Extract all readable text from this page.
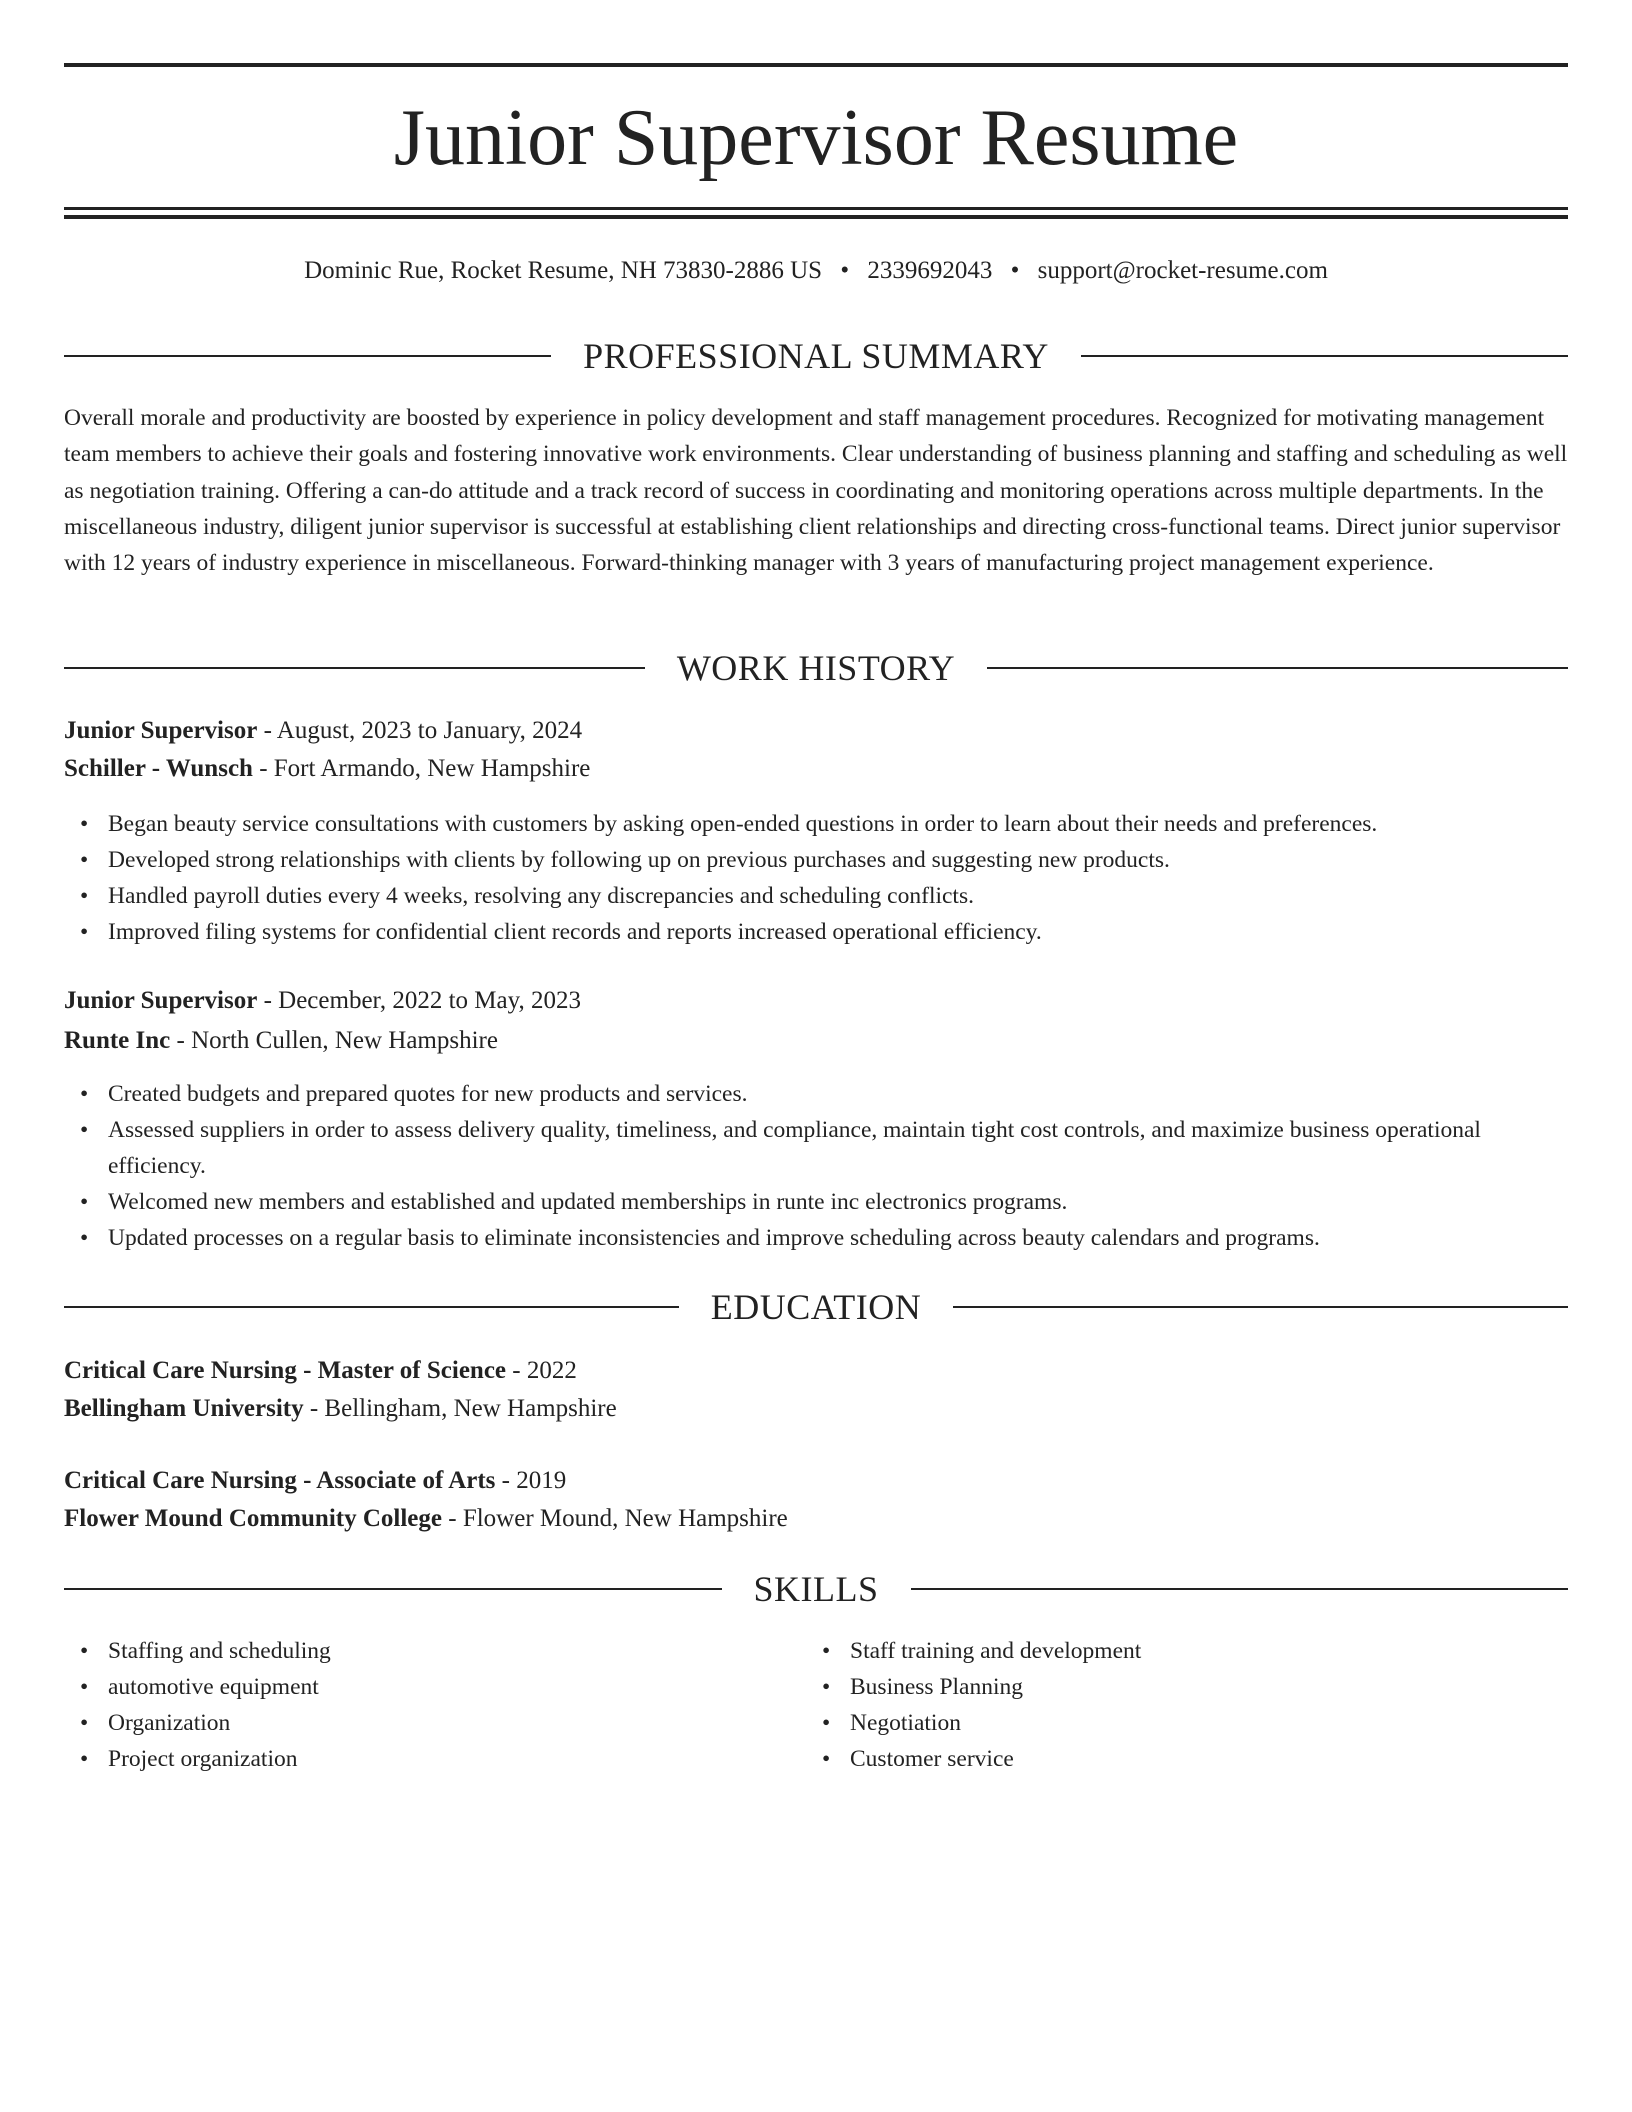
Junior Supervisor Resume
Dominic Rue, Rocket Resume, NH 73830-2886 US • 2339692043 • support@rocket-resume.com
PROFESSIONAL SUMMARY

Overall morale and productivity are boosted by experience in policy development and staff management procedures. Recognized for motivating management team members to achieve their goals and fostering innovative work environments. Clear understanding of business planning and staffing and scheduling as well as negotiation training. Offering a can-do attitude and a track record of success in coordinating and monitoring operations across multiple departments. In the miscellaneous industry, diligent junior supervisor is successful at establishing client relationships and directing cross-functional teams. Direct junior supervisor with 12 years of industry experience in miscellaneous. Forward-thinking manager with 3 years of manufacturing project management experience.

WORK HISTORY
Junior Supervisor - August, 2023 to January, 2024
Schiller - Wunsch - Fort Armando, New Hampshire
• Began beauty service consultations with customers by asking open-ended questions in order to learn about their needs and preferences.
• Developed strong relationships with clients by following up on previous purchases and suggesting new products.
• Handled payroll duties every 4 weeks, resolving any discrepancies and scheduling conflicts.
• Improved filing systems for confidential client records and reports increased operational efficiency.
Junior Supervisor - December, 2022 to May, 2023
Runte Inc - North Cullen, New Hampshire
• Created budgets and prepared quotes for new products and services.
• Assessed suppliers in order to assess delivery quality, timeliness, and compliance, maintain tight cost controls, and maximize business operational efficiency.
• Welcomed new members and established and updated memberships in runte inc electronics programs.
• Updated processes on a regular basis to eliminate inconsistencies and improve scheduling across beauty calendars and programs.
EDUCATION
Critical Care Nursing - Master of Science - 2022
Bellingham University - Bellingham, New Hampshire
Critical Care Nursing - Associate of Arts - 2019
Flower Mound Community College - Flower Mound, New Hampshire
SKILLS
• Staffing and scheduling
• automotive equipment
• Organization
• Project organization
• Staff training and development
• Business Planning
• Negotiation
• Customer service
